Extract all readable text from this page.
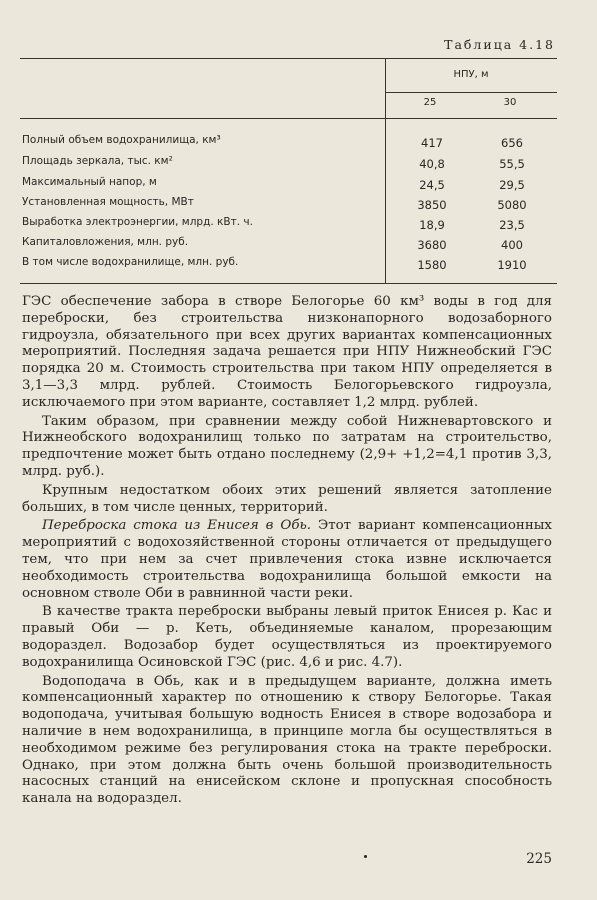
Таблица 4.18
НПУ, м
25	30
Полный объем водохранилища, км³	417	656
Площадь зеркала, тыс. км²	40,8	55,5
Максимальный напор, м	24,5	29,5
Установленная мощность, МВт	3850	5080
Выработка электроэнергии, млрд. кВт. ч.	18,9	23,5
Капиталовложения, млн. руб.	3680	400
В том числе водохранилище, млн. руб.	1580	1910

ГЭС обеспечение забора в створе Белогорье 60 км³ воды в год для переброски, без строительства низконапорного водозаборного гидроузла, обязательного при всех других вариантах компенсационных мероприятий. Последняя задача решается при НПУ Нижнеобский ГЭС порядка 20 м. Стоимость строительства при таком НПУ определяется в 3,1—3,3 млрд. рублей. Стоимость Белогорьевского гидроузла, исключаемого при этом варианте, составляет 1,2 млрд. рублей.

Таким образом, при сравнении между собой Нижневартовского и Нижнеобского водохранилищ только по затратам на строительство, предпочтение может быть отдано последнему (2,9+ +1,2=4,1 против 3,3, млрд. руб.).

Крупным недостатком обоих этих решений является затопление больших, в том числе ценных, территорий.

Переброска стока из Енисея в Обь. Этот вариант компенсационных мероприятий с водохозяйственной стороны отличается от предыдущего тем, что при нем за счет привлечения стока извне исключается необходимость строительства водохранилища большой емкости на основном стволе Оби в равнинной части реки.

В качестве тракта переброски выбраны левый приток Енисея р. Кас и правый Оби — р. Кеть, объединяемые каналом, прорезающим водораздел. Водозабор будет осуществляться из проектируемого водохранилища Осиновской ГЭС (рис. 4,6 и рис. 4.7).

Водоподача в Обь, как и в предыдущем варианте, должна иметь компенсационный характер по отношению к створу Белогорье. Такая водоподача, учитывая большую водность Енисея в створе водозабора и наличие в нем водохранилища, в принципе могла бы осуществляться в необходимом режиме без регулирования стока на тракте переброски. Однако, при этом должна быть очень большой производительность насосных станций на енисейском склоне и пропускная способность канала на водораздел.

225
